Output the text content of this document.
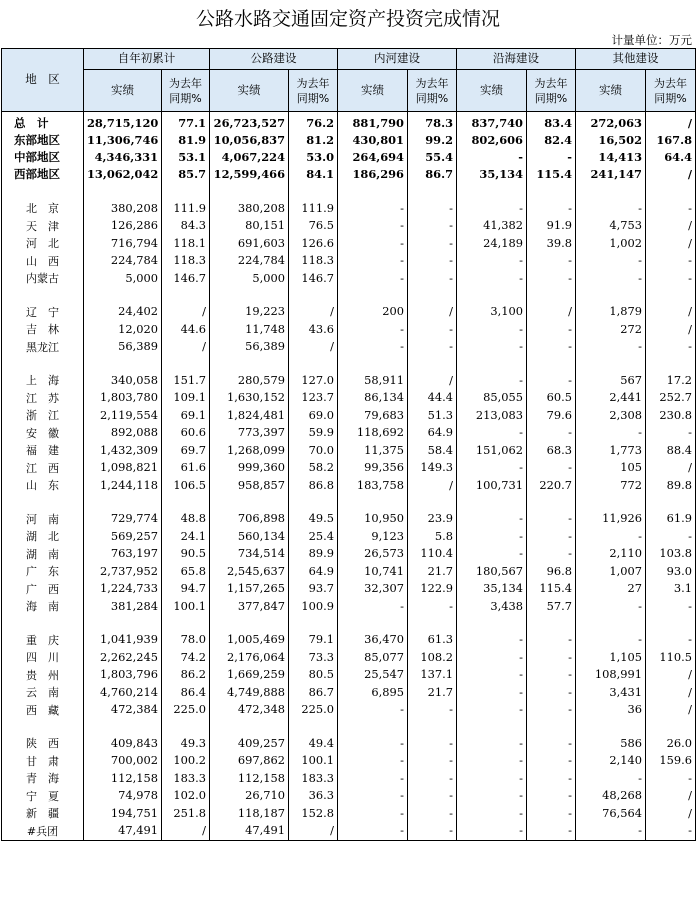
公路水路交通固定资产投资完成情况
计量单位：万元
地　区	自年初累计		公路建设		内河建设		沿海建设		其他建设	
	实绩	为去年同期%	实绩	为去年同期%	实绩	为去年同期%	实绩	为去年同期%	实绩	为去年同期%
总　计	28,715,120	77.1	26,723,527	76.2	881,790	78.3	837,740	83.4	272,063	/
东部地区	11,306,746	81.9	10,056,837	81.2	430,801	99.2	802,606	82.4	16,502	167.8
中部地区	4,346,331	53.1	4,067,224	53.0	264,694	55.4	-	-	14,413	64.4
西部地区	13,062,042	85.7	12,599,466	84.1	186,296	86.7	35,134	115.4	241,147	/

北　京	380,208	111.9	380,208	111.9	-	-	-	-	-	-
天　津	126,286	84.3	80,151	76.5	-	-	41,382	91.9	4,753	/
河　北	716,794	118.1	691,603	126.6	-	-	24,189	39.8	1,002	/
山　西	224,784	118.3	224,784	118.3	-	-	-	-	-	-
内蒙古	5,000	146.7	5,000	146.7	-	-	-	-	-	-

辽　宁	24,402	/	19,223	/	200	/	3,100	/	1,879	/
吉　林	12,020	44.6	11,748	43.6	-	-	-	-	272	/
黑龙江	56,389	/	56,389	/	-	-	-	-	-	-

上　海	340,058	151.7	280,579	127.0	58,911	/	-	-	567	17.2
江　苏	1,803,780	109.1	1,630,152	123.7	86,134	44.4	85,055	60.5	2,441	252.7
浙　江	2,119,554	69.1	1,824,481	69.0	79,683	51.3	213,083	79.6	2,308	230.8
安　徽	892,088	60.6	773,397	59.9	118,692	64.9	-	-	-	-
福　建	1,432,309	69.7	1,268,099	70.0	11,375	58.4	151,062	68.3	1,773	88.4
江　西	1,098,821	61.6	999,360	58.2	99,356	149.3	-	-	105	/
山　东	1,244,118	106.5	958,857	86.8	183,758	/	100,731	220.7	772	89.8

河　南	729,774	48.8	706,898	49.5	10,950	23.9	-	-	11,926	61.9
湖　北	569,257	24.1	560,134	25.4	9,123	5.8	-	-	-	-
湖　南	763,197	90.5	734,514	89.9	26,573	110.4	-	-	2,110	103.8
广　东	2,737,952	65.8	2,545,637	64.9	10,741	21.7	180,567	96.8	1,007	93.0
广　西	1,224,733	94.7	1,157,265	93.7	32,307	122.9	35,134	115.4	27	3.1
海　南	381,284	100.1	377,847	100.9	-	-	3,438	57.7	-	-

重　庆	1,041,939	78.0	1,005,469	79.1	36,470	61.3	-	-	-	-
四　川	2,262,245	74.2	2,176,064	73.3	85,077	108.2	-	-	1,105	110.5
贵　州	1,803,796	86.2	1,669,259	80.5	25,547	137.1	-	-	108,991	/
云　南	4,760,214	86.4	4,749,888	86.7	6,895	21.7	-	-	3,431	/
西　藏	472,384	225.0	472,348	225.0	-	-	-	-	36	/

陕　西	409,843	49.3	409,257	49.4	-	-	-	-	586	26.0
甘　肃	700,002	100.2	697,862	100.1	-	-	-	-	2,140	159.6
青　海	112,158	183.3	112,158	183.3	-	-	-	-	-	-
宁　夏	74,978	102.0	26,710	36.3	-	-	-	-	48,268	/
新　疆	194,751	251.8	118,187	152.8	-	-	-	-	76,564	/
#兵团	47,491	/	47,491	/	-	-	-	-	-	-
